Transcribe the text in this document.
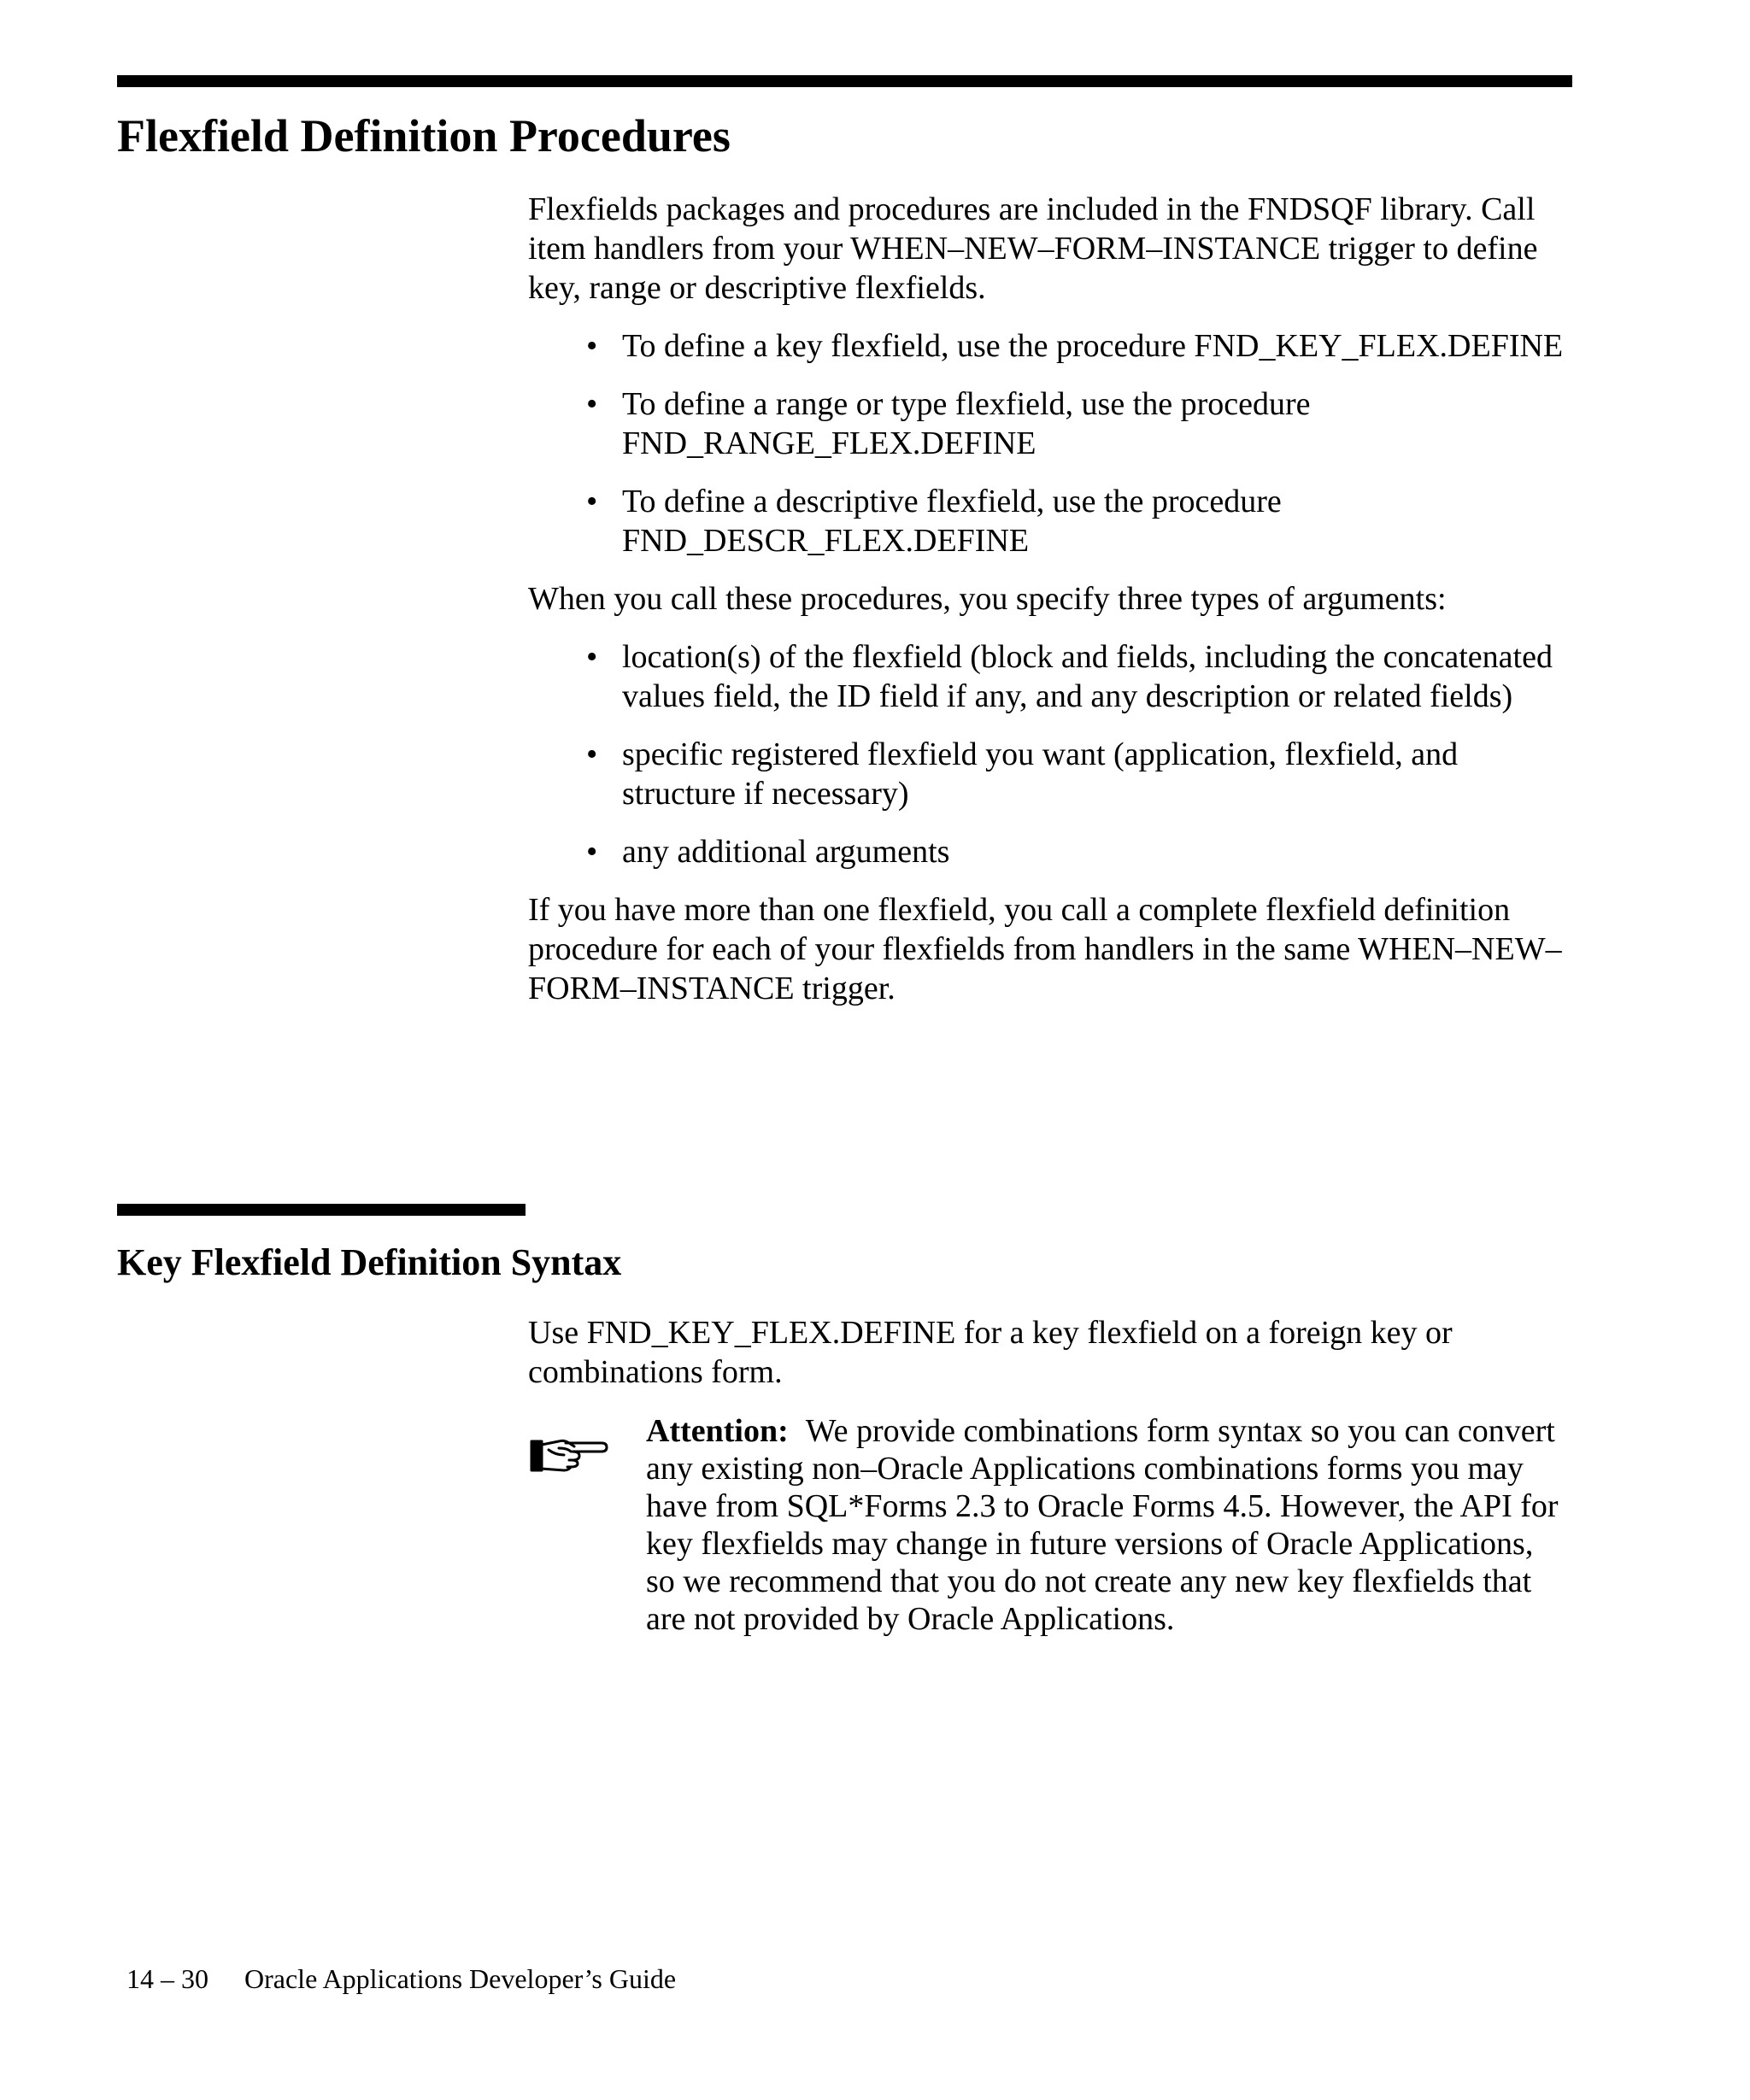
Flexfield Definition Procedures

Flexfields packages and procedures are included in the FNDSQF library. Call item handlers from your WHEN–NEW–FORM–INSTANCE trigger to define key, range or descriptive flexfields.

• To define a key flexfield, use the procedure FND_KEY_FLEX.DEFINE
• To define a range or type flexfield, use the procedure FND_RANGE_FLEX.DEFINE
• To define a descriptive flexfield, use the procedure FND_DESCR_FLEX.DEFINE

When you call these procedures, you specify three types of arguments:

• location(s) of the flexfield (block and fields, including the concatenated values field, the ID field if any, and any description or related fields)
• specific registered flexfield you want (application, flexfield, and structure if necessary)
• any additional arguments

If you have more than one flexfield, you call a complete flexfield definition procedure for each of your flexfields from handlers in the same WHEN–NEW–FORM–INSTANCE trigger.

Key Flexfield Definition Syntax

Use FND_KEY_FLEX.DEFINE for a key flexfield on a foreign key or combinations form.

Attention: We provide combinations form syntax so you can convert any existing non–Oracle Applications combinations forms you may have from SQL*Forms 2.3 to Oracle Forms 4.5. However, the API for key flexfields may change in future versions of Oracle Applications, so we recommend that you do not create any new key flexfields that are not provided by Oracle Applications.
14 – 30 Oracle Applications Developer’s Guide
